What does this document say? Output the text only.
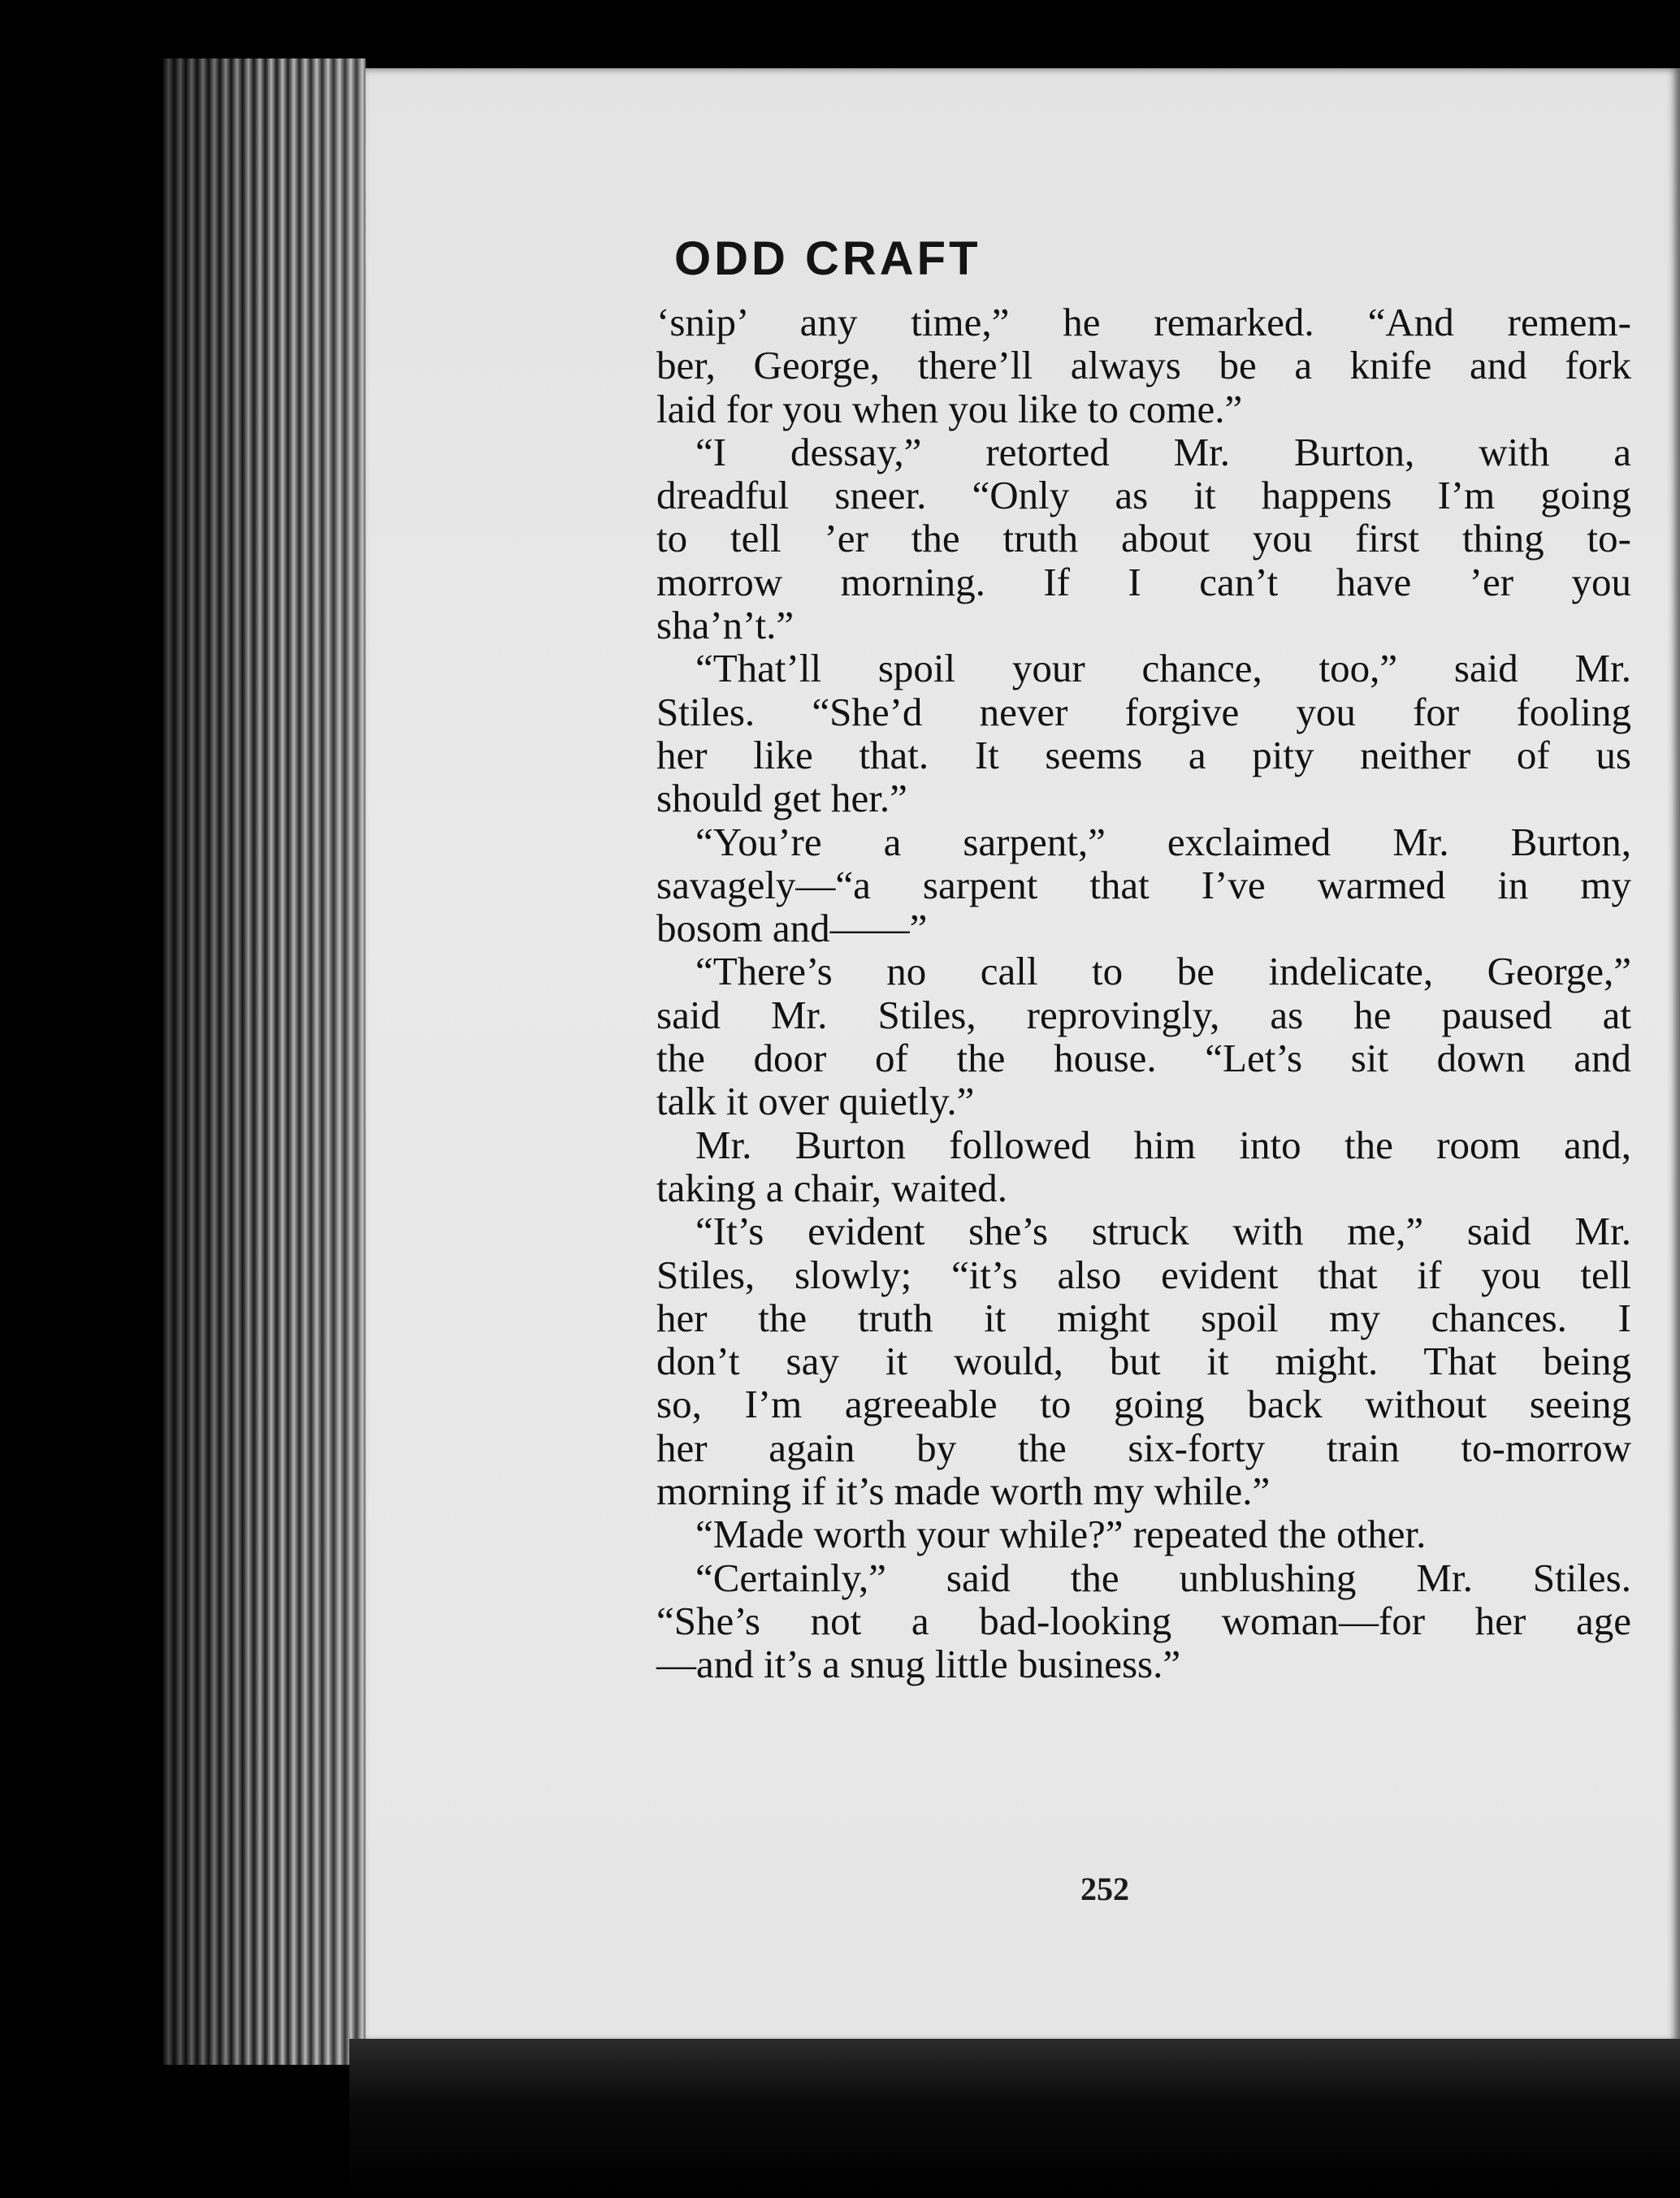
ODD CRAFT
‘snip’ any time,” he remarked. “And remem-
ber, George, there’ll always be a knife and fork
laid for you when you like to come.”
“I dessay,” retorted Mr. Burton, with a
dreadful sneer. “Only as it happens I’m going
to tell ’er the truth about you first thing to-
morrow morning. If I can’t have ’er you
sha’n’t.”
“That’ll spoil your chance, too,” said Mr.
Stiles. “She’d never forgive you for fooling
her like that. It seems a pity neither of us
should get her.”
“You’re a sarpent,” exclaimed Mr. Burton,
savagely—“a sarpent that I’ve warmed in my
bosom and——”
“There’s no call to be indelicate, George,”
said Mr. Stiles, reprovingly, as he paused at
the door of the house. “Let’s sit down and
talk it over quietly.”
Mr. Burton followed him into the room and,
taking a chair, waited.
“It’s evident she’s struck with me,” said Mr.
Stiles, slowly; “it’s also evident that if you tell
her the truth it might spoil my chances. I
don’t say it would, but it might. That being
so, I’m agreeable to going back without seeing
her again by the six-forty train to-morrow
morning if it’s made worth my while.”
“Made worth your while?” repeated the other.
“Certainly,” said the unblushing Mr. Stiles.
“She’s not a bad-looking woman—for her age
—and it’s a snug little business.”

252
